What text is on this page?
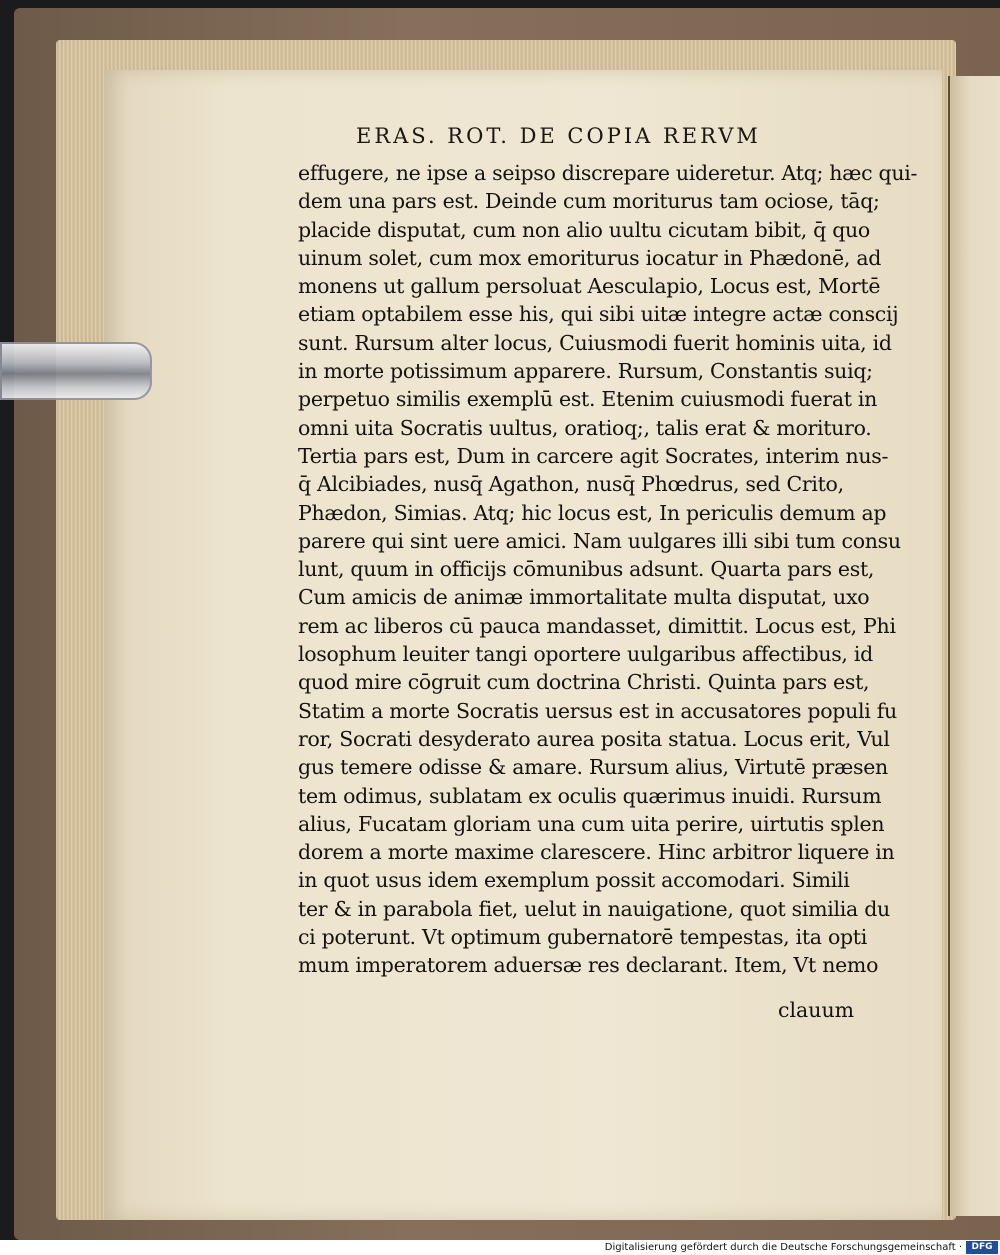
ERAS. ROT. DE COPIA RERVM
effugere, ne ipse a seipso discrepare uideretur. Atq; hæc qui-
dem una pars est. Deinde cum moriturus tam ociose, tāq;
placide disputat, cum non alio uultu cicutam bibit, q̄ quo
uinum solet, cum mox emoriturus iocatur in Phædonē, ad
monens ut gallum persoluat Aesculapio, Locus est, Mortē
etiam optabilem esse his, qui sibi uitæ integre actæ conscij
sunt. Rursum alter locus, Cuiusmodi fuerit hominis uita, id
in morte potissimum apparere. Rursum, Constantis suiq;
perpetuo similis exemplū est. Etenim cuiusmodi fuerat in
omni uita Socratis uultus, oratioq;, talis erat & morituro.
Tertia pars est, Dum in carcere agit Socrates, interim nus-
q̄ Alcibiades, nusq̄ Agathon, nusq̄ Phœdrus, sed Crito,
Phædon, Simias. Atq; hic locus est, In periculis demum ap
parere qui sint uere amici. Nam uulgares illi sibi tum consu
lunt, quum in officijs cōmunibus adsunt. Quarta pars est,
Cum amicis de animæ immortalitate multa disputat, uxo
rem ac liberos cū pauca mandasset, dimittit. Locus est, Phi
losophum leuiter tangi oportere uulgaribus affectibus, id
quod mire cōgruit cum doctrina Christi. Quinta pars est,
Statim a morte Socratis uersus est in accusatores populi fu
ror, Socrati desyderato aurea posita statua. Locus erit, Vul
gus temere odisse & amare. Rursum alius, Virtutē præsen
tem odimus, sublatam ex oculis quærimus inuidi. Rursum
alius, Fucatam gloriam una cum uita perire, uirtutis splen
dorem a morte maxime clarescere. Hinc arbitror liquere in
in quot usus idem exemplum possit accomodari. Simili
ter & in parabola fiet, uelut in nauigatione, quot similia du
ci poterunt. Vt optimum gubernatorē tempestas, ita opti
mum imperatorem aduersæ res declarant. Item, Vt nemo
clauum
Digitalisierung gefördert durch die Deutsche Forschungsgemeinschaft ·	DFG
